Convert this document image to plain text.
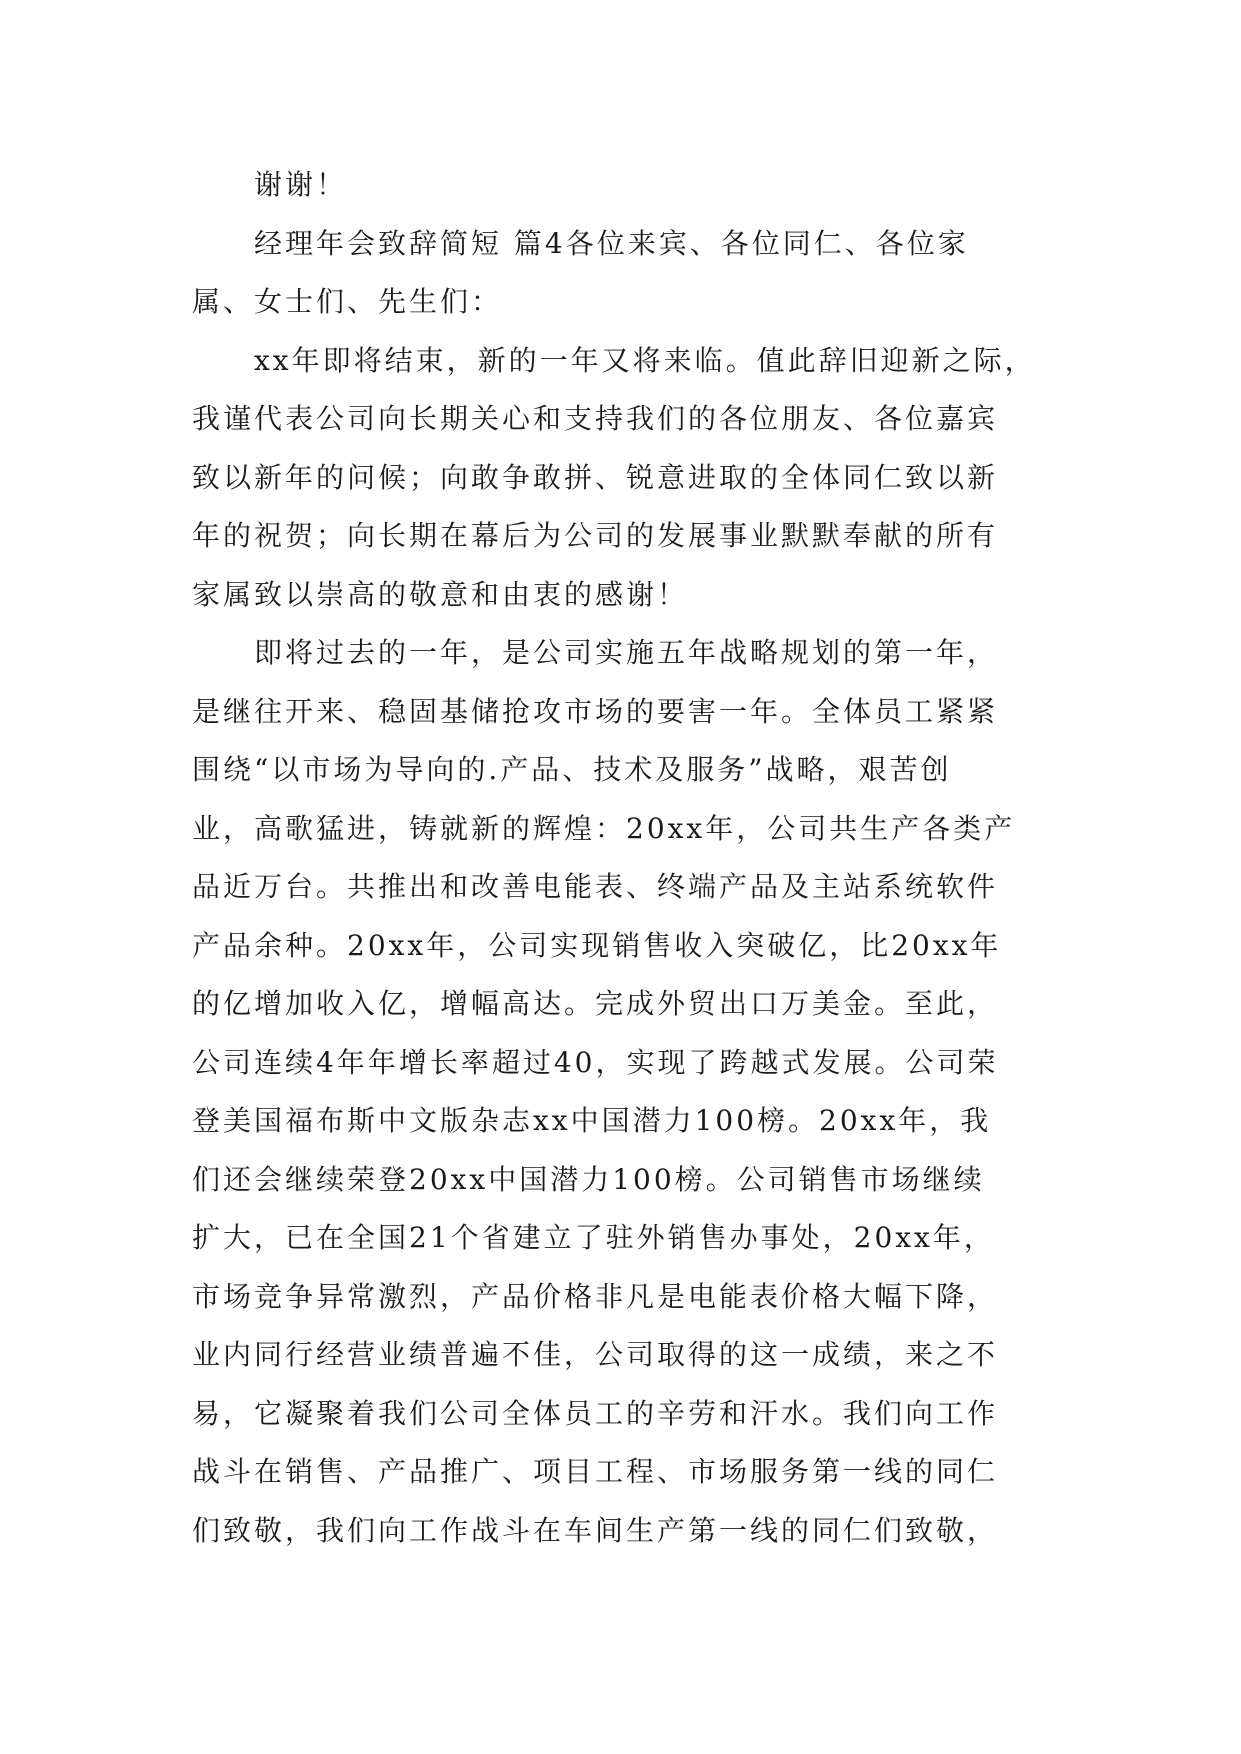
谢谢！
经理年会致辞简短 篇4各位来宾、各位同仁、各位家
属、女士们、先生们：
xx年即将结束，新的一年又将来临。值此辞旧迎新之际，
我谨代表公司向长期关心和支持我们的各位朋友、各位嘉宾
致以新年的问候；向敢争敢拼、锐意进取的全体同仁致以新
年的祝贺；向长期在幕后为公司的发展事业默默奉献的所有
家属致以崇高的敬意和由衷的感谢！
即将过去的一年，是公司实施五年战略规划的第一年，
是继往开来、稳固基储抢攻市场的要害一年。全体员工紧紧
围绕“以市场为导向的.产品、技术及服务”战略，艰苦创
业，高歌猛进，铸就新的辉煌：20xx年，公司共生产各类产
品近万台。共推出和改善电能表、终端产品及主站系统软件
产品余种。20xx年，公司实现销售收入突破亿，比20xx年
的亿增加收入亿，增幅高达。完成外贸出口万美金。至此，
公司连续4年年增长率超过40，实现了跨越式发展。公司荣
登美国福布斯中文版杂志xx中国潜力100榜。20xx年，我
们还会继续荣登20xx中国潜力100榜。公司销售市场继续
扩大，已在全国21个省建立了驻外销售办事处，20xx年，
市场竞争异常激烈，产品价格非凡是电能表价格大幅下降，
业内同行经营业绩普遍不佳，公司取得的这一成绩，来之不
易，它凝聚着我们公司全体员工的辛劳和汗水。我们向工作
战斗在销售、产品推广、项目工程、市场服务第一线的同仁
们致敬，我们向工作战斗在车间生产第一线的同仁们致敬，
